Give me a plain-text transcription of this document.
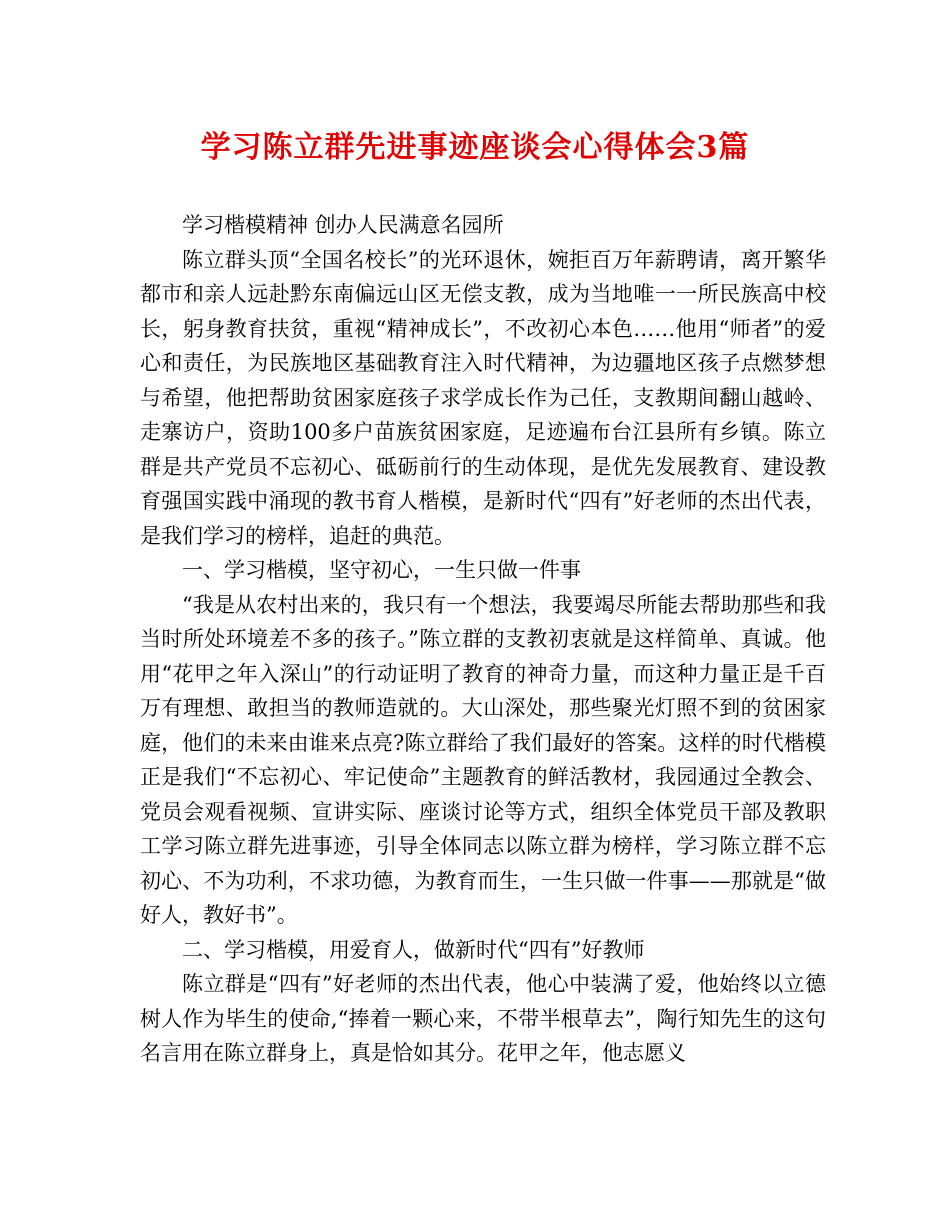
学习陈立群先进事迹座谈会心得体会3篇

学习楷模精神 创办人民满意名园所

陈立群头顶“全国名校长”的光环退休，婉拒百万年薪聘请，离开繁华都市和亲人远赴黔东南偏远山区无偿支教，成为当地唯一一所民族高中校长，躬身教育扶贫，重视“精神成长”，不改初心本色……他用“师者”的爱心和责任，为民族地区基础教育注入时代精神，为边疆地区孩子点燃梦想与希望，他把帮助贫困家庭孩子求学成长作为己任，支教期间翻山越岭、走寨访户，资助100多户苗族贫困家庭，足迹遍布台江县所有乡镇。陈立群是共产党员不忘初心、砥砺前行的生动体现，是优先发展教育、建设教育强国实践中涌现的教书育人楷模，是新时代“四有”好老师的杰出代表，是我们学习的榜样，追赶的典范。

一、学习楷模，坚守初心，一生只做一件事

“我是从农村出来的，我只有一个想法，我要竭尽所能去帮助那些和我当时所处环境差不多的孩子。”陈立群的支教初衷就是这样简单、真诚。他用“花甲之年入深山”的行动证明了教育的神奇力量，而这种力量正是千百万有理想、敢担当的教师造就的。大山深处，那些聚光灯照不到的贫困家庭，他们的未来由谁来点亮?陈立群给了我们最好的答案。这样的时代楷模正是我们“不忘初心、牢记使命”主题教育的鲜活教材，我园通过全教会、党员会观看视频、宣讲实际、座谈讨论等方式，组织全体党员干部及教职工学习陈立群先进事迹，引导全体同志以陈立群为榜样，学习陈立群不忘初心、不为功利，不求功德，为教育而生，一生只做一件事——那就是“做好人，教好书”。

二、学习楷模，用爱育人，做新时代“四有”好教师

陈立群是“四有”好老师的杰出代表，他心中装满了爱，他始终以立德树人作为毕生的使命,“捧着一颗心来，不带半根草去”，陶行知先生的这句名言用在陈立群身上，真是恰如其分。花甲之年，他志愿义
